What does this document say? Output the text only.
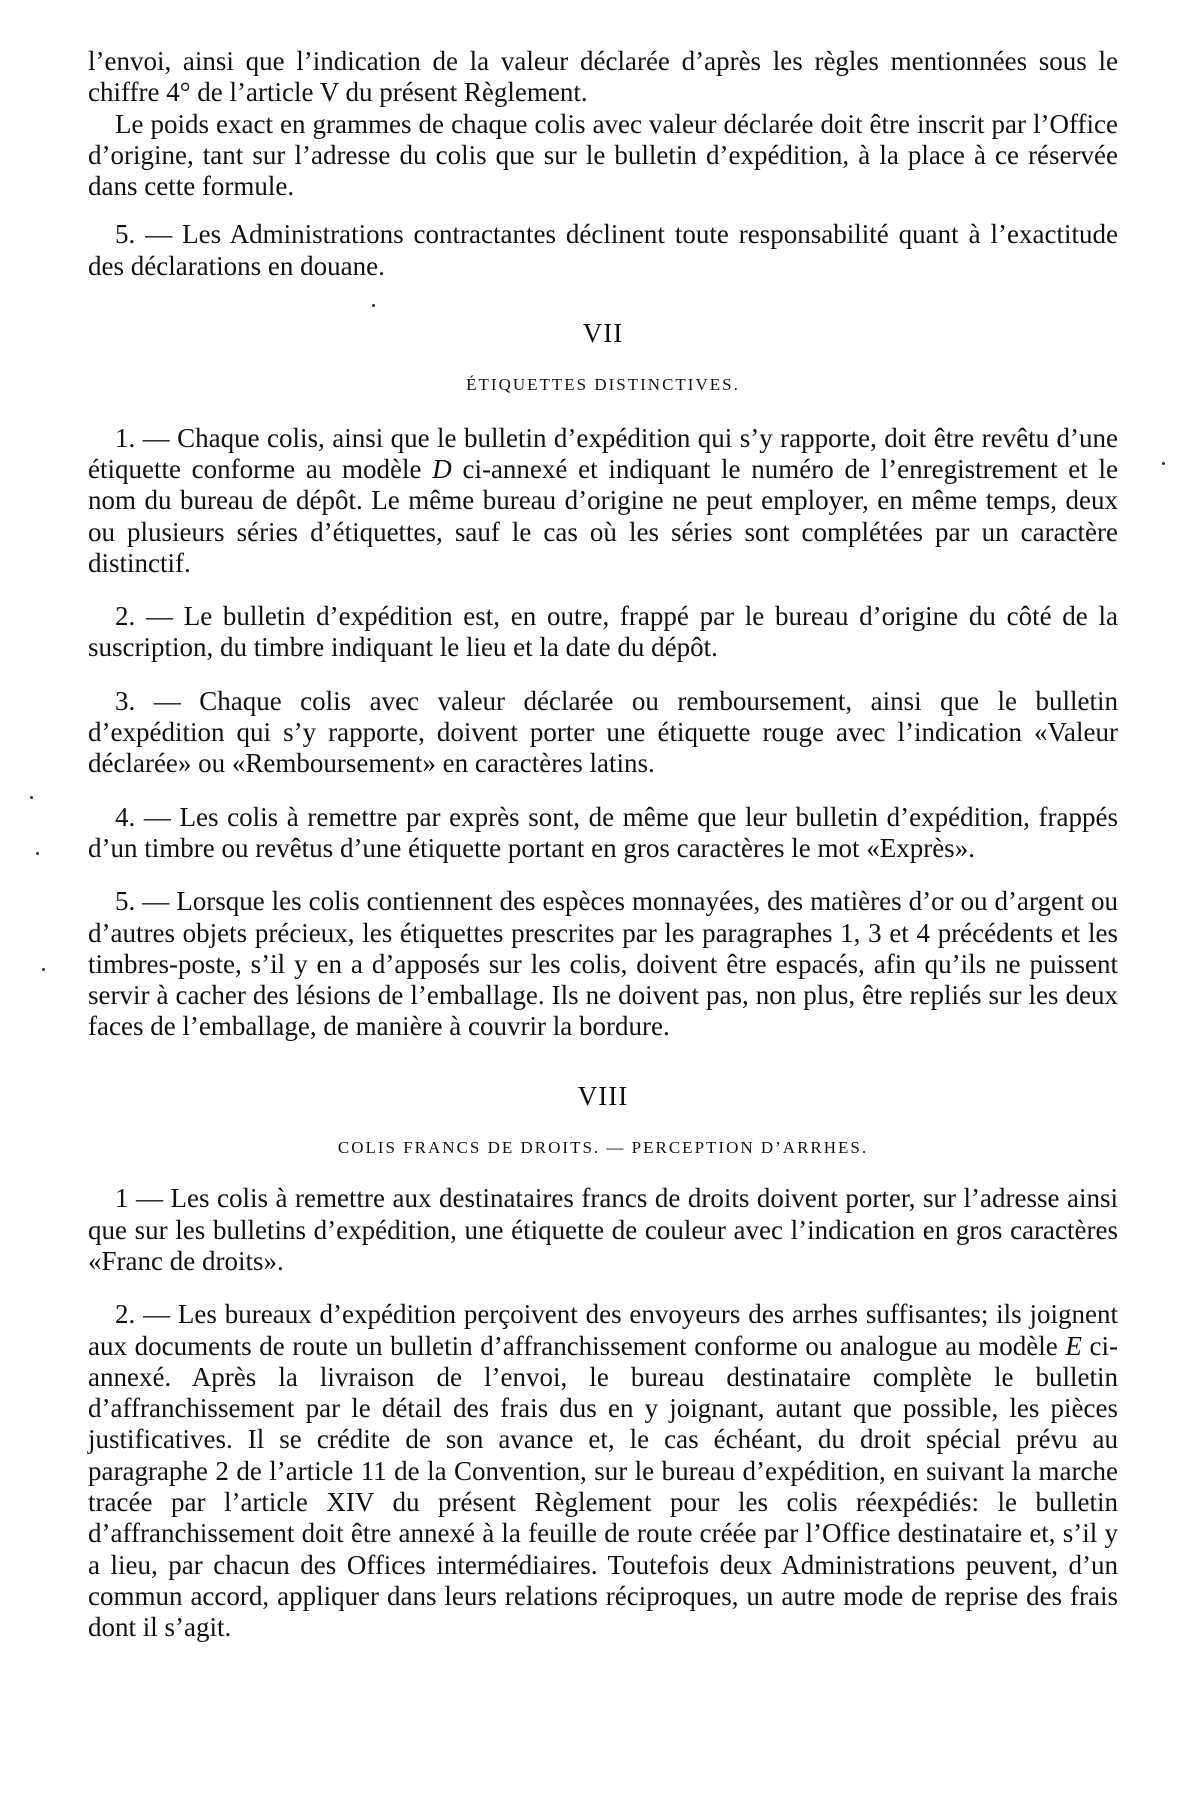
l’envoi, ainsi que l’indication de la valeur déclarée d’après les règles mentionnées sous le chiffre 4° de l’article V du présent Règlement.

Le poids exact en grammes de chaque colis avec valeur déclarée doit être inscrit par l’Office d’origine, tant sur l’adresse du colis que sur le bulletin d’expédition, à la place à ce réservée dans cette formule.

5. — Les Administrations contractantes déclinent toute responsabilité quant à l’exactitude des déclarations en douane.

VII

ÉTIQUETTES DISTINCTIVES.

1. — Chaque colis, ainsi que le bulletin d’expédition qui s’y rapporte, doit être revêtu d’une étiquette conforme au modèle D ci-annexé et indiquant le numéro de l’enregistrement et le nom du bureau de dépôt. Le même bureau d’origine ne peut employer, en même temps, deux ou plusieurs séries d’étiquettes, sauf le cas où les séries sont complétées par un caractère distinctif.

2. — Le bulletin d’expédition est, en outre, frappé par le bureau d’origine du côté de la suscription, du timbre indiquant le lieu et la date du dépôt.

3. — Chaque colis avec valeur déclarée ou remboursement, ainsi que le bulletin d’expédition qui s’y rapporte, doivent porter une étiquette rouge avec l’indication «Valeur déclarée» ou «Remboursement» en caractères latins.

4. — Les colis à remettre par exprès sont, de même que leur bulletin d’expédition, frappés d’un timbre ou revêtus d’une étiquette portant en gros caractères le mot «Exprès».

5. — Lorsque les colis contiennent des espèces monnayées, des matières d’or ou d’argent ou d’autres objets précieux, les étiquettes prescrites par les paragraphes 1, 3 et 4 précédents et les timbres-poste, s’il y en a d’apposés sur les colis, doivent être espacés, afin qu’ils ne puissent servir à cacher des lésions de l’emballage. Ils ne doivent pas, non plus, être repliés sur les deux faces de l’emballage, de manière à couvrir la bordure.

VIII

COLIS FRANCS DE DROITS. — PERCEPTION D’ARRHES.

1 — Les colis à remettre aux destinataires francs de droits doivent porter, sur l’adresse ainsi que sur les bulletins d’expédition, une étiquette de couleur avec l’indication en gros caractères «Franc de droits».

2. — Les bureaux d’expédition perçoivent des envoyeurs des arrhes suffisantes; ils joignent aux documents de route un bulletin d’affranchissement conforme ou analogue au modèle E ci-annexé. Après la livraison de l’envoi, le bureau destinataire complète le bulletin d’affranchissement par le détail des frais dus en y joignant, autant que possible, les pièces justificatives. Il se crédite de son avance et, le cas échéant, du droit spécial prévu au paragraphe 2 de l’article 11 de la Convention, sur le bureau d’expédition, en suivant la marche tracée par l’article XIV du présent Règlement pour les colis réexpédiés: le bulletin d’affranchissement doit être annexé à la feuille de route créée par l’Office destinataire et, s’il y a lieu, par chacun des Offices intermédiaires. Toutefois deux Administrations peuvent, d’un commun accord, appliquer dans leurs relations réciproques, un autre mode de reprise des frais dont il s’agit.
